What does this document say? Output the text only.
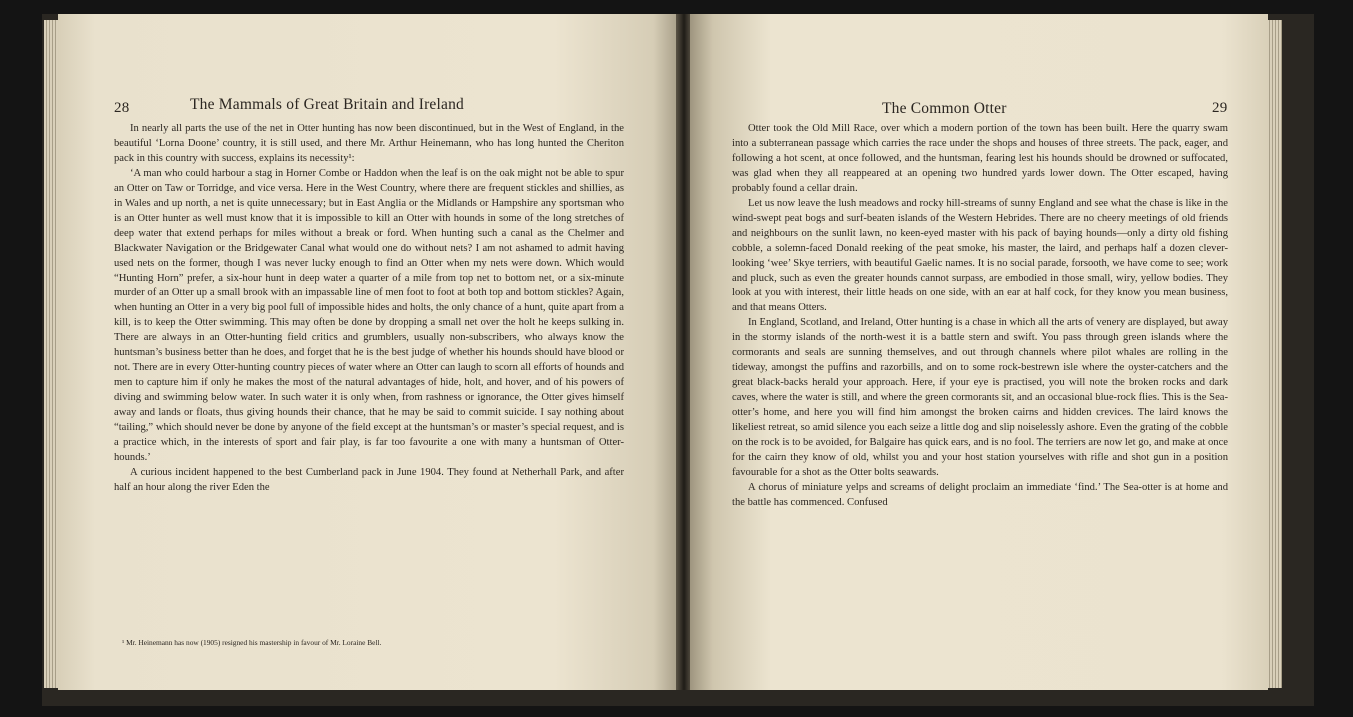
28	The Mammals of Great Britain and Ireland

In nearly all parts the use of the net in Otter hunting has now been discontinued, but in the West of England, in the beautiful ‘Lorna Doone’ country, it is still used, and there Mr. Arthur Heinemann, who has long hunted the Cheriton pack in this country with success, explains its necessity¹:

‘A man who could harbour a stag in Horner Combe or Haddon when the leaf is on the oak might not be able to spur an Otter on Taw or Torridge, and vice versa. Here in the West Country, where there are frequent stickles and shillies, as in Wales and up north, a net is quite unnecessary; but in East Anglia or the Midlands or Hampshire any sportsman who is an Otter hunter as well must know that it is impossible to kill an Otter with hounds in some of the long stretches of deep water that extend perhaps for miles without a break or ford. When hunting such a canal as the Chelmer and Blackwater Navigation or the Bridgewater Canal what would one do without nets? I am not ashamed to admit having used nets on the former, though I was never lucky enough to find an Otter when my nets were down. Which would “Hunting Horn” prefer, a six-hour hunt in deep water a quarter of a mile from top net to bottom net, or a six-minute murder of an Otter up a small brook with an impassable line of men foot to foot at both top and bottom stickles? Again, when hunting an Otter in a very big pool full of impossible hides and holts, the only chance of a hunt, quite apart from a kill, is to keep the Otter swimming. This may often be done by dropping a small net over the holt he keeps sulking in. There are always in an Otter-hunting field critics and grumblers, usually non-subscribers, who always know the huntsman’s business better than he does, and forget that he is the best judge of whether his hounds should have blood or not. There are in every Otter-hunting country pieces of water where an Otter can laugh to scorn all efforts of hounds and men to capture him if only he makes the most of the natural advantages of hide, holt, and hover, and of his powers of diving and swimming below water. In such water it is only when, from rashness or ignorance, the Otter gives himself away and lands or floats, thus giving hounds their chance, that he may be said to commit suicide. I say nothing about “tailing,” which should never be done by anyone of the field except at the huntsman’s or master’s special request, and is a practice which, in the interests of sport and fair play, is far too favourite a one with many a huntsman of Otter-hounds.’

A curious incident happened to the best Cumberland pack in June 1904. They found at Netherhall Park, and after half an hour along the river Eden the

¹ Mr. Heinemann has now (1905) resigned his mastership in favour of Mr. Loraine Bell.
The Common Otter	29

Otter took the Old Mill Race, over which a modern portion of the town has been built. Here the quarry swam into a subterranean passage which carries the race under the shops and houses of three streets. The pack, eager, and following a hot scent, at once followed, and the huntsman, fearing lest his hounds should be drowned or suffocated, was glad when they all reappeared at an opening two hundred yards lower down. The Otter escaped, having probably found a cellar drain.

Let us now leave the lush meadows and rocky hill-streams of sunny England and see what the chase is like in the wind-swept peat bogs and surf-beaten islands of the Western Hebrides. There are no cheery meetings of old friends and neighbours on the sunlit lawn, no keen-eyed master with his pack of baying hounds—only a dirty old fishing cobble, a solemn-faced Donald reeking of the peat smoke, his master, the laird, and perhaps half a dozen clever-looking ‘wee’ Skye terriers, with beautiful Gaelic names. It is no social parade, forsooth, we have come to see; work and pluck, such as even the greater hounds cannot surpass, are embodied in those small, wiry, yellow bodies. They look at you with interest, their little heads on one side, with an ear at half cock, for they know you mean business, and that means Otters.

In England, Scotland, and Ireland, Otter hunting is a chase in which all the arts of venery are displayed, but away in the stormy islands of the north-west it is a battle stern and swift. You pass through green islands where the cormorants and seals are sunning themselves, and out through channels where pilot whales are rolling in the tideway, amongst the puffins and razorbills, and on to some rock-bestrewn isle where the oyster-catchers and the great black-backs herald your approach. Here, if your eye is practised, you will note the broken rocks and dark caves, where the water is still, and where the green cormorants sit, and an occasional blue-rock flies. This is the Sea-otter’s home, and here you will find him amongst the broken cairns and hidden crevices. The laird knows the likeliest retreat, so amid silence you each seize a little dog and slip noiselessly ashore. Even the grating of the cobble on the rock is to be avoided, for Balgaire has quick ears, and is no fool. The terriers are now let go, and make at once for the cairn they know of old, whilst you and your host station yourselves with rifle and shot gun in a position favourable for a shot as the Otter bolts seawards.

A chorus of miniature yelps and screams of delight proclaim an immediate ‘find.’ The Sea-otter is at home and the battle has commenced. Confused
